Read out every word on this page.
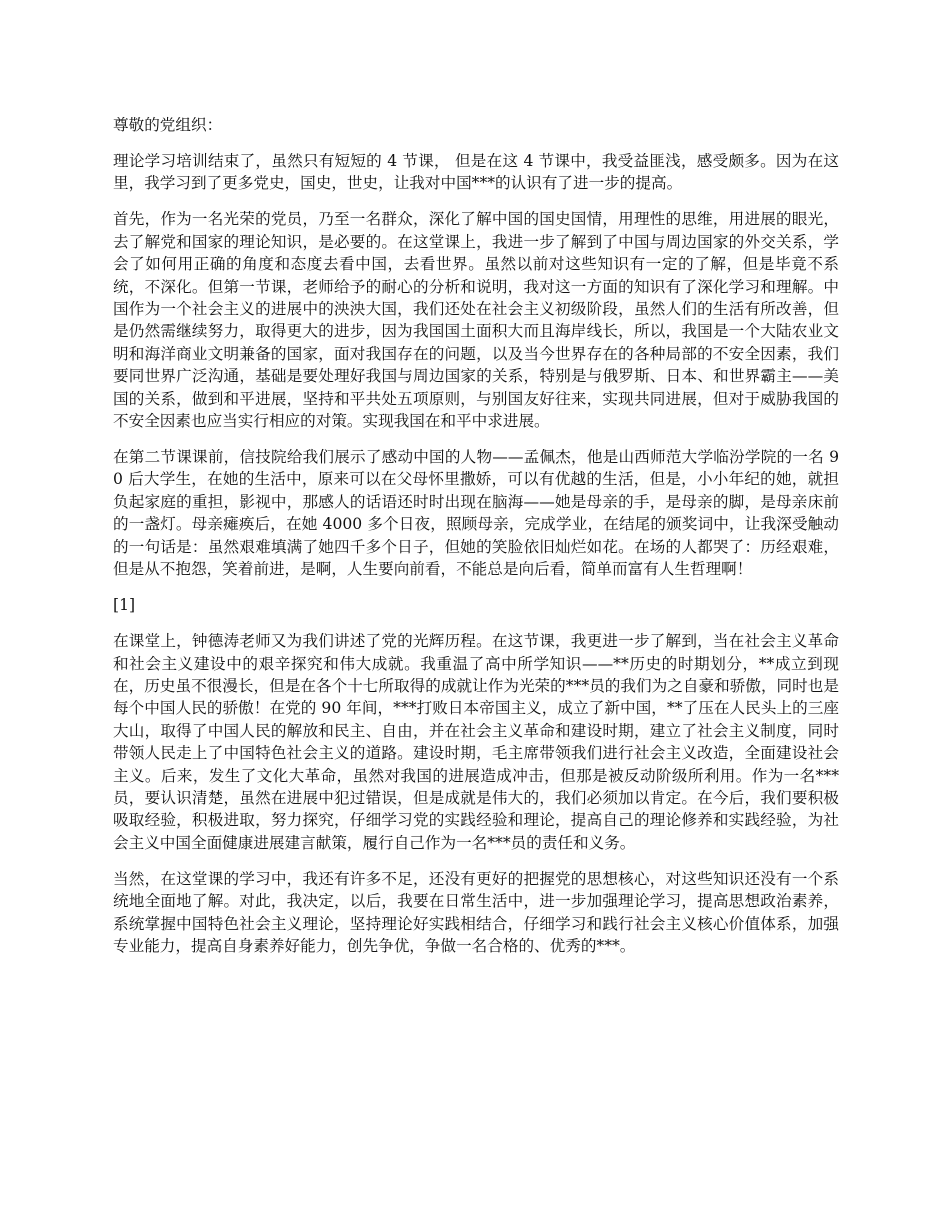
尊敬的党组织：

理论学习培训结束了，虽然只有短短的 4 节课， 但是在这 4 节课中，我受益匪浅，感受颇多。因为在这里，我学习到了更多党史，国史，世史，让我对中国***的认识有了进一步的提高。

首先，作为一名光荣的党员，乃至一名群众，深化了解中国的国史国情，用理性的思维，用进展的眼光，去了解党和国家的理论知识，是必要的。在这堂课上，我进一步了解到了中国与周边国家的外交关系，学会了如何用正确的角度和态度去看中国，去看世界。虽然以前对这些知识有一定的了解，但是毕竟不系统，不深化。但第一节课，老师给予的耐心的分析和说明，我对这一方面的知识有了深化学习和理解。中国作为一个社会主义的进展中的泱泱大国，我们还处在社会主义初级阶段，虽然人们的生活有所改善，但是仍然需继续努力，取得更大的进步，因为我国国土面积大而且海岸线长，所以，我国是一个大陆农业文明和海洋商业文明兼备的国家，面对我国存在的问题，以及当今世界存在的各种局部的不安全因素，我们要同世界广泛沟通，基础是要处理好我国与周边国家的关系，特别是与俄罗斯、日本、和世界霸主——美国的关系，做到和平进展，坚持和平共处五项原则，与别国友好往来，实现共同进展，但对于威胁我国的不安全因素也应当实行相应的对策。实现我国在和平中求进展。

在第二节课课前，信技院给我们展示了感动中国的人物——孟佩杰，他是山西师范大学临汾学院的一名 90 后大学生，在她的生活中，原来可以在父母怀里撒娇，可以有优越的生活，但是，小小年纪的她，就担负起家庭的重担，影视中，那感人的话语还时时出现在脑海——她是母亲的手，是母亲的脚，是母亲床前的一盏灯。母亲瘫痪后，在她 4000 多个日夜，照顾母亲，完成学业，在结尾的颁奖词中，让我深受触动的一句话是：虽然艰难填满了她四千多个日子，但她的笑脸依旧灿烂如花。在场的人都哭了：历经艰难，但是从不抱怨，笑着前进，是啊，人生要向前看，不能总是向后看，简单而富有人生哲理啊！

[1]

在课堂上，钟德涛老师又为我们讲述了党的光辉历程。在这节课，我更进一步了解到，当在社会主义革命和社会主义建设中的艰辛探究和伟大成就。我重温了高中所学知识——**历史的时期划分，**成立到现在，历史虽不很漫长，但是在各个十七所取得的成就让作为光荣的***员的我们为之自豪和骄傲，同时也是每个中国人民的骄傲！在党的 90 年间，***打败日本帝国主义，成立了新中国，**了压在人民头上的三座大山，取得了中国人民的解放和民主、自由，并在社会主义革命和建设时期，建立了社会主义制度，同时带领人民走上了中国特色社会主义的道路。建设时期，毛主席带领我们进行社会主义改造，全面建设社会主义。后来，发生了文化大革命，虽然对我国的进展造成冲击，但那是被反动阶级所利用。作为一名***员，要认识清楚，虽然在进展中犯过错误，但是成就是伟大的，我们必须加以肯定。在今后，我们要积极吸取经验，积极进取，努力探究，仔细学习党的实践经验和理论，提高自己的理论修养和实践经验，为社会主义中国全面健康进展建言献策，履行自己作为一名***员的责任和义务。

当然，在这堂课的学习中，我还有许多不足，还没有更好的把握党的思想核心，对这些知识还没有一个系统地全面地了解。对此，我决定，以后，我要在日常生活中，进一步加强理论学习，提高思想政治素养，系统掌握中国特色社会主义理论，坚持理论好实践相结合，仔细学习和践行社会主义核心价值体系，加强专业能力，提高自身素养好能力，创先争优，争做一名合格的、优秀的***。
